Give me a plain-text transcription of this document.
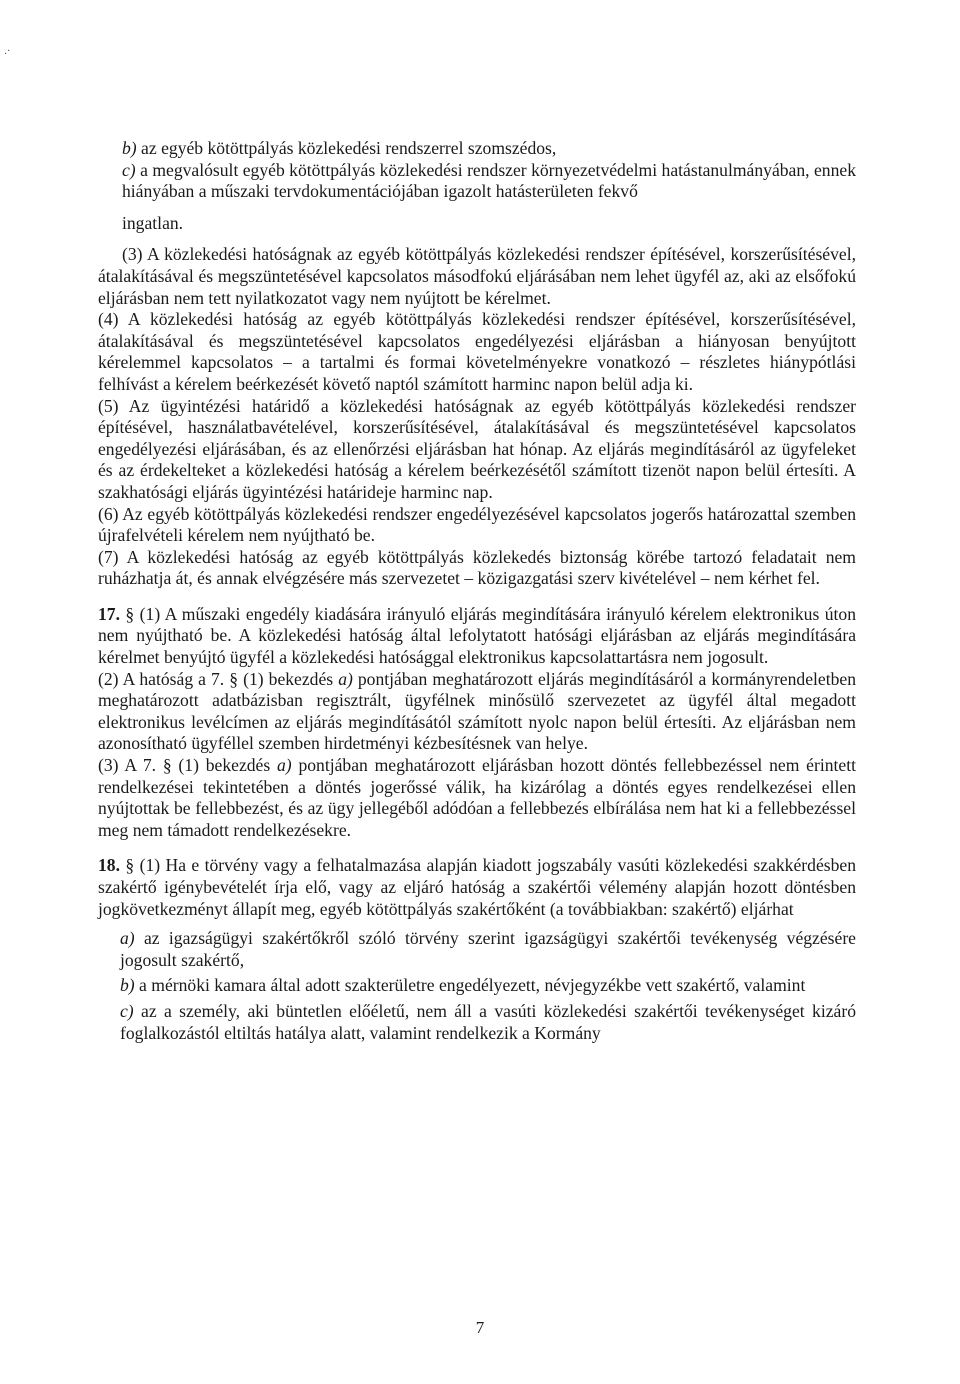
.·

b) az egyéb kötöttpályás közlekedési rendszerrel szomszédos,

c) a megvalósult egyéb kötöttpályás közlekedési rendszer környezetvédelmi hatástanulmányában, ennek hiányában a műszaki tervdokumentációjában igazolt hatásterületen fekvő

ingatlan.

(3) A közlekedési hatóságnak az egyéb kötöttpályás közlekedési rendszer építésével, korszerűsítésével, átalakításával és megszüntetésével kapcsolatos másodfokú eljárásában nem lehet ügyfél az, aki az elsőfokú eljárásban nem tett nyilatkozatot vagy nem nyújtott be kérelmet.

(4) A közlekedési hatóság az egyéb kötöttpályás közlekedési rendszer építésével, korszerűsítésével, átalakításával és megszüntetésével kapcsolatos engedélyezési eljárásban a hiányosan benyújtott kérelemmel kapcsolatos – a tartalmi és formai követelményekre vonatkozó – részletes hiánypótlási felhívást a kérelem beérkezését követő naptól számított harminc napon belül adja ki.

(5) Az ügyintézési határidő a közlekedési hatóságnak az egyéb kötöttpályás közlekedési rendszer építésével, használatbavételével, korszerűsítésével, átalakításával és megszüntetésével kapcsolatos engedélyezési eljárásában, és az ellenőrzési eljárásban hat hónap. Az eljárás megindításáról az ügyfeleket és az érdekelteket a közlekedési hatóság a kérelem beérkezésétől számított tizenöt napon belül értesíti. A szakhatósági eljárás ügyintézési határideje harminc nap.

(6) Az egyéb kötöttpályás közlekedési rendszer engedélyezésével kapcsolatos jogerős határozattal szemben újrafelvételi kérelem nem nyújtható be.

(7) A közlekedési hatóság az egyéb kötöttpályás közlekedés biztonság körébe tartozó feladatait nem ruházhatja át, és annak elvégzésére más szervezetet – közigazgatási szerv kivételével – nem kérhet fel.

17. § (1) A műszaki engedély kiadására irányuló eljárás megindítására irányuló kérelem elektronikus úton nem nyújtható be. A közlekedési hatóság által lefolytatott hatósági eljárásban az eljárás megindítására kérelmet benyújtó ügyfél a közlekedési hatósággal elektronikus kapcsolattartásra nem jogosult.

(2) A hatóság a 7. § (1) bekezdés a) pontjában meghatározott eljárás megindításáról a kormányrendeletben meghatározott adatbázisban regisztrált, ügyfélnek minősülő szervezetet az ügyfél által megadott elektronikus levélcímen az eljárás megindításától számított nyolc napon belül értesíti. Az eljárásban nem azonosítható ügyféllel szemben hirdetményi kézbesítésnek van helye.

(3) A 7. § (1) bekezdés a) pontjában meghatározott eljárásban hozott döntés fellebbezéssel nem érintett rendelkezései tekintetében a döntés jogerőssé válik, ha kizárólag a döntés egyes rendelkezései ellen nyújtottak be fellebbezést, és az ügy jellegéből adódóan a fellebbezés elbírálása nem hat ki a fellebbezéssel meg nem támadott rendelkezésekre.

18. § (1) Ha e törvény vagy a felhatalmazása alapján kiadott jogszabály vasúti közlekedési szakkérdésben szakértő igénybevételét írja elő, vagy az eljáró hatóság a szakértői vélemény alapján hozott döntésben jogkövetkezményt állapít meg, egyéb kötöttpályás szakértőként (a továbbiakban: szakértő) eljárhat

a) az igazságügyi szakértőkről szóló törvény szerint igazságügyi szakértői tevékenység végzésére jogosult szakértő,

b) a mérnöki kamara által adott szakterületre engedélyezett, névjegyzékbe vett szakértő, valamint

c) az a személy, aki büntetlen előéletű, nem áll a vasúti közlekedési szakértői tevékenységet kizáró foglalkozástól eltiltás hatálya alatt, valamint rendelkezik a Kormány

7
